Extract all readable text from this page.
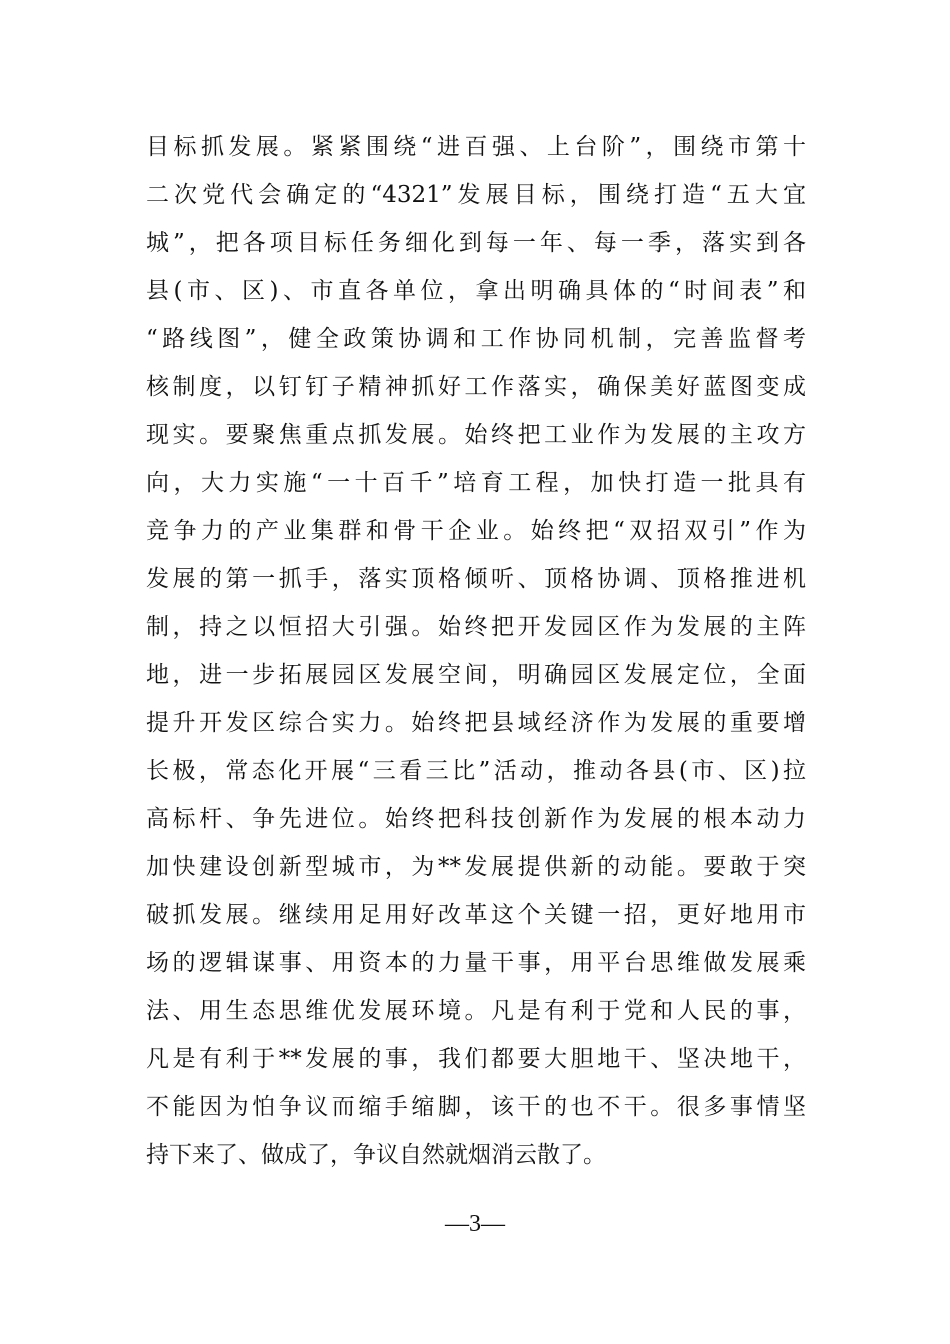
目标抓发展。紧紧围绕“进百强、上台阶”，围绕市第十
二次党代会确定的“4321”发展目标，围绕打造“五大宜
城”，把各项目标任务细化到每一年、每一季，落实到各
县(市、区)、市直各单位，拿出明确具体的“时间表”和
“路线图”，健全政策协调和工作协同机制，完善监督考
核制度，以钉钉子精神抓好工作落实，确保美好蓝图变成
现实。要聚焦重点抓发展。始终把工业作为发展的主攻方
向，大力实施“一十百千”培育工程，加快打造一批具有
竞争力的产业集群和骨干企业。始终把“双招双引”作为
发展的第一抓手，落实顶格倾听、顶格协调、顶格推进机
制，持之以恒招大引强。始终把开发园区作为发展的主阵
地，进一步拓展园区发展空间，明确园区发展定位，全面
提升开发区综合实力。始终把县域经济作为发展的重要增
长极，常态化开展“三看三比”活动，推动各县(市、区)拉
高标杆、争先进位。始终把科技创新作为发展的根本动力
加快建设创新型城市，为**发展提供新的动能。要敢于突
破抓发展。继续用足用好改革这个关键一招，更好地用市
场的逻辑谋事、用资本的力量干事，用平台思维做发展乘
法、用生态思维优发展环境。凡是有利于党和人民的事，
凡是有利于**发展的事，我们都要大胆地干、坚决地干，
不能因为怕争议而缩手缩脚，该干的也不干。很多事情坚
持下来了、做成了，争议自然就烟消云散了。
—3—
